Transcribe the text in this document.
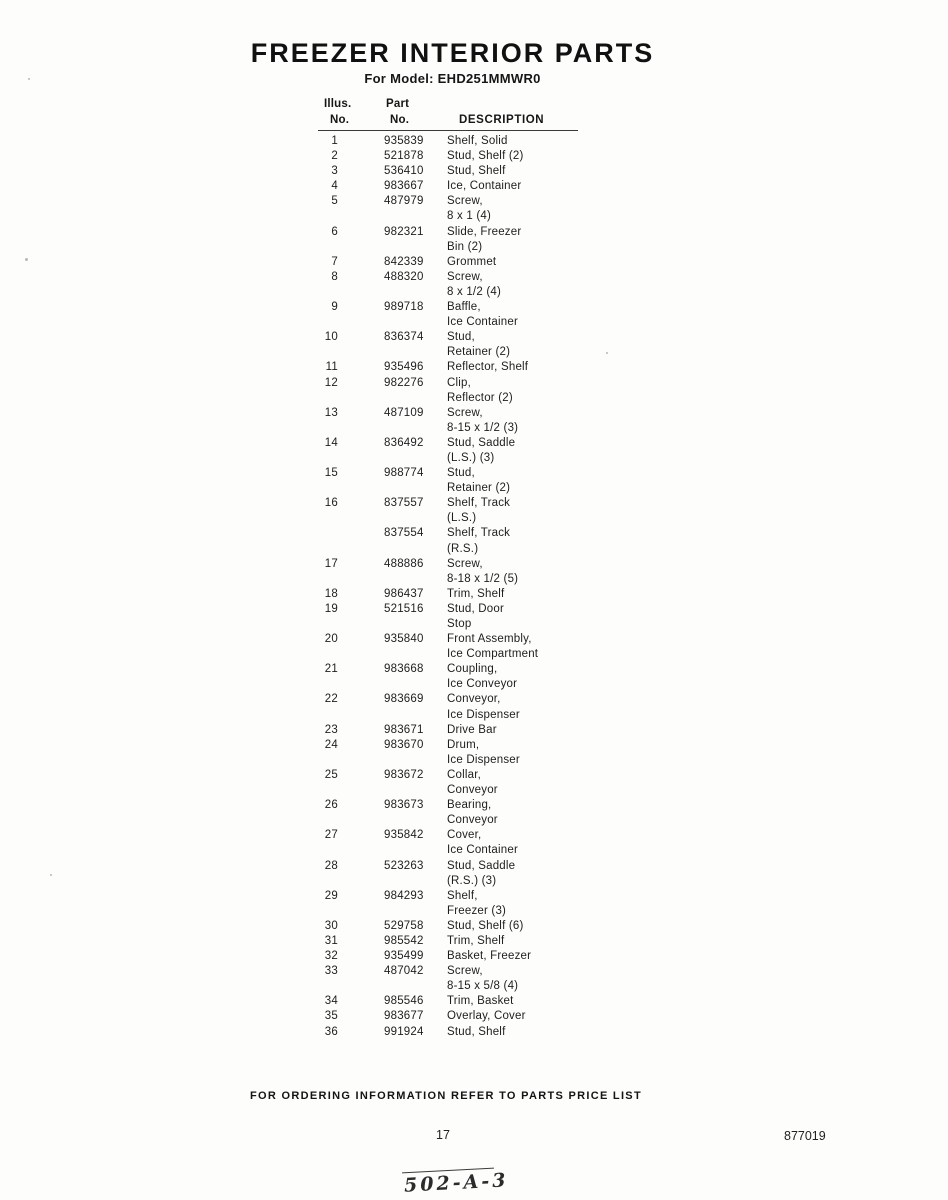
FREEZER INTERIOR PARTS
For Model: EHD251MMWR0
Illus.	Part
No.	No.	DESCRIPTION
1	935839	Shelf, Solid
2	521878	Stud, Shelf (2)
3	536410	Stud, Shelf
4	983667	Ice, Container
5	487979	Screw,
8 x 1 (4)
6	982321	Slide, Freezer
Bin (2)
7	842339	Grommet
8	488320	Screw,
8 x 1/2 (4)
9	989718	Baffle,
Ice Container
10	836374	Stud,
Retainer (2)
11	935496	Reflector, Shelf
12	982276	Clip,
Reflector (2)
13	487109	Screw,
8-15 x 1/2 (3)
14	836492	Stud, Saddle
(L.S.) (3)
15	988774	Stud,
Retainer (2)
16	837557	Shelf, Track
(L.S.)
837554	Shelf, Track
(R.S.)
17	488886	Screw,
8-18 x 1/2 (5)
18	986437	Trim, Shelf
19	521516	Stud, Door
Stop
20	935840	Front Assembly,
Ice Compartment
21	983668	Coupling,
Ice Conveyor
22	983669	Conveyor,
Ice Dispenser
23	983671	Drive Bar
24	983670	Drum,
Ice Dispenser
25	983672	Collar,
Conveyor
26	983673	Bearing,
Conveyor
27	935842	Cover,
Ice Container
28	523263	Stud, Saddle
(R.S.) (3)
29	984293	Shelf,
Freezer (3)
30	529758	Stud, Shelf (6)
31	985542	Trim, Shelf
32	935499	Basket, Freezer
33	487042	Screw,
8-15 x 5/8 (4)
34	985546	Trim, Basket
35	983677	Overlay, Cover
36	991924	Stud, Shelf
FOR ORDERING INFORMATION REFER TO PARTS PRICE LIST
17	877019
502-A-3
